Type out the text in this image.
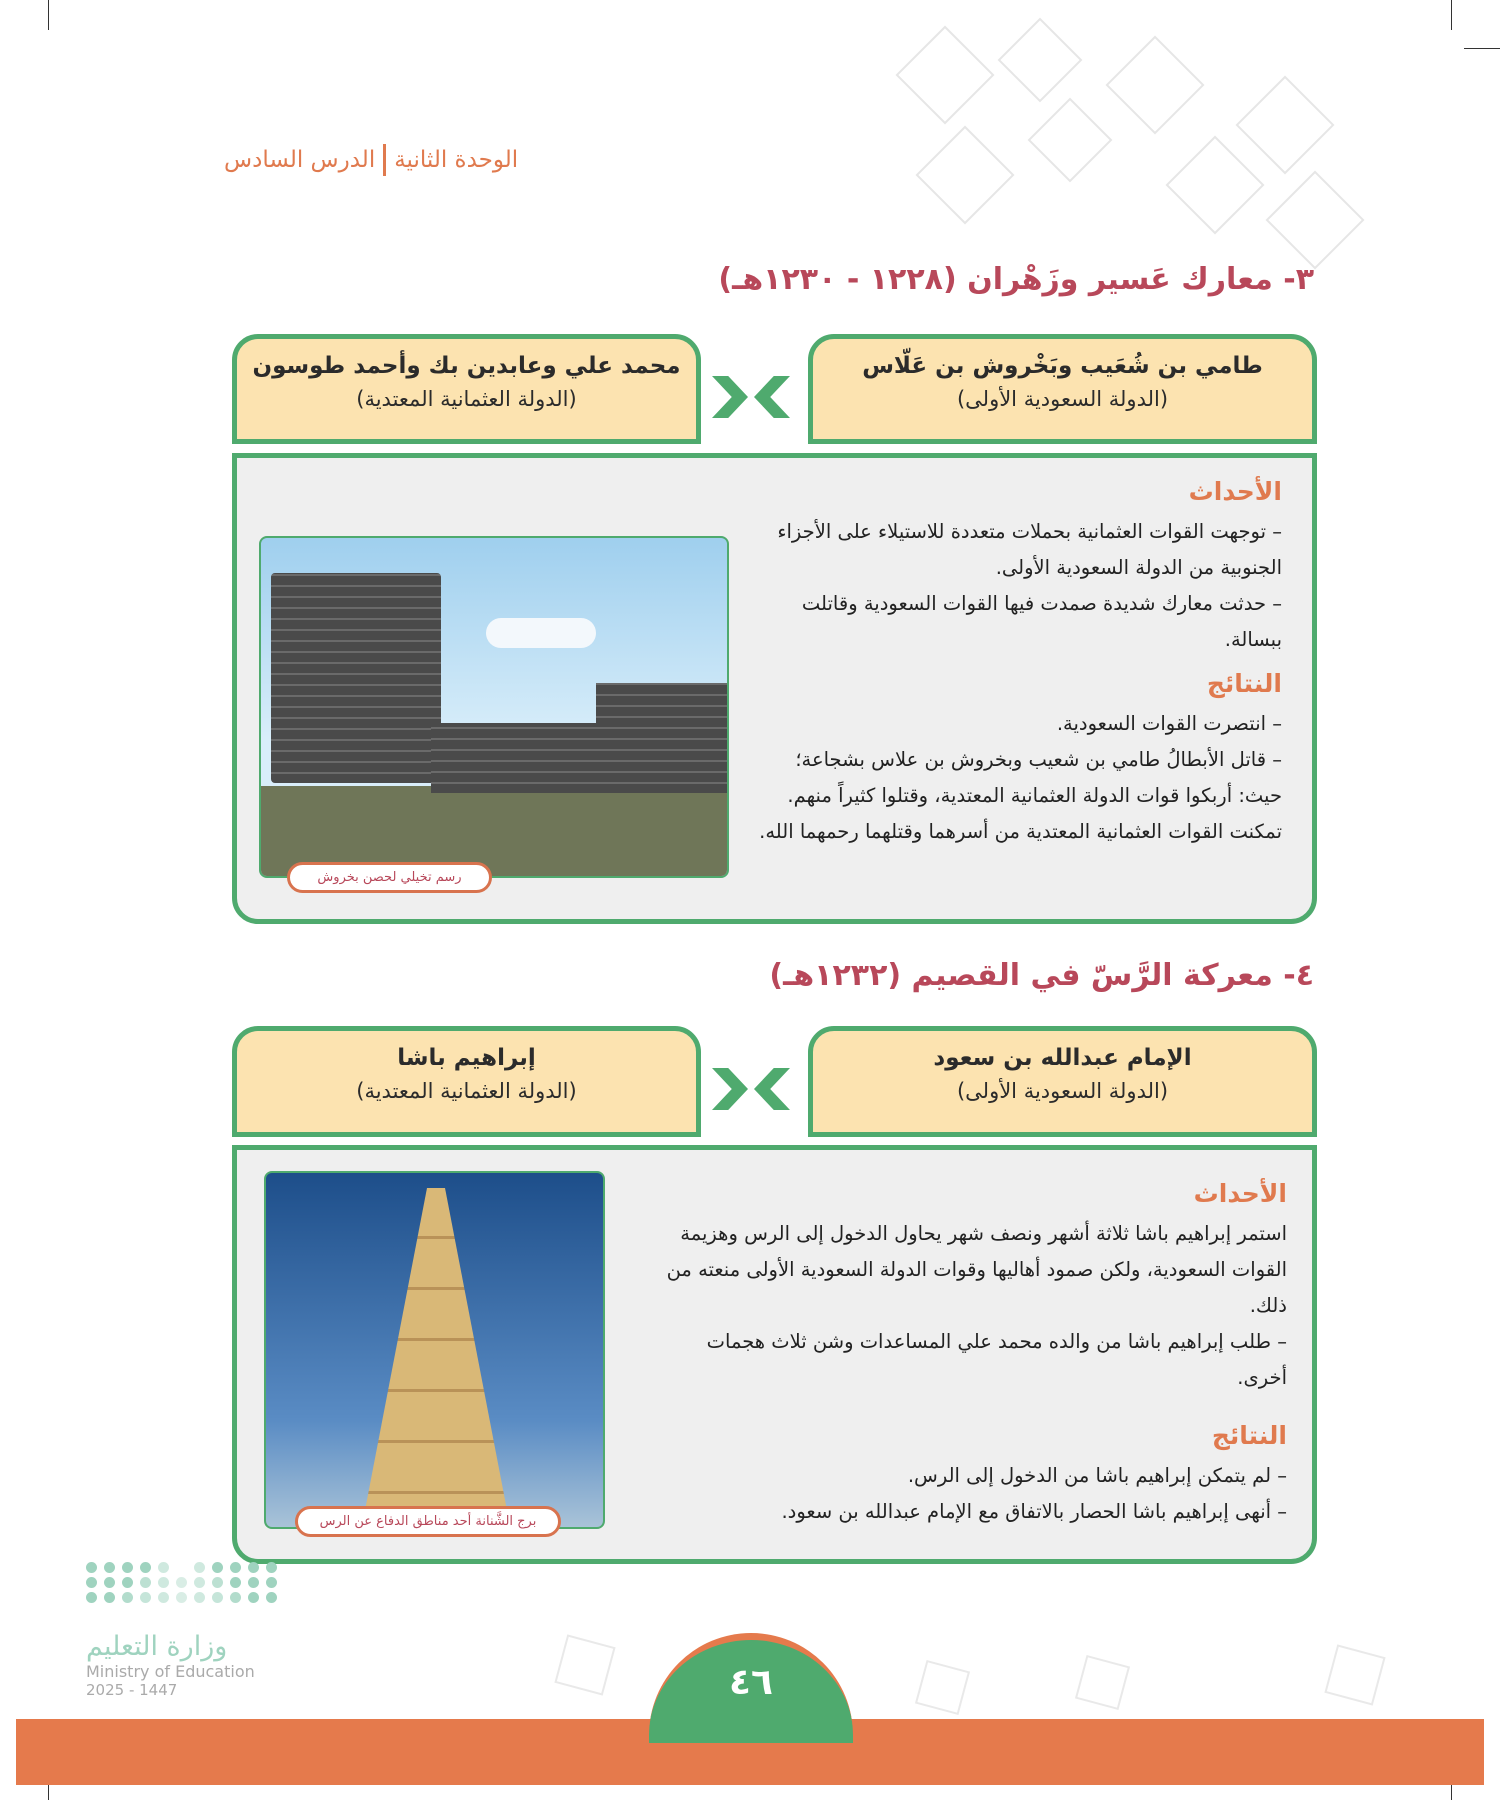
الوحدة الثانية
الدرس السادس
٣- معارك عَسير وزَهْران (١٢٢٨ - ١٢٣٠هـ)
طامي بن شُعَيب وبَخْروش بن عَلّاس
(الدولة السعودية الأولى)
محمد علي وعابدين بك وأحمد طوسون
(الدولة العثمانية المعتدية)
الأحداث
– توجهت القوات العثمانية بحملات متعددة للاستيلاء على الأجزاء الجنوبية من الدولة السعودية الأولى.
– حدثت معارك شديدة صمدت فيها القوات السعودية وقاتلت ببسالة.
النتائج
– انتصرت القوات السعودية.
– قاتل الأبطالُ طامي بن شعيب وبخروش بن علاس بشجاعة؛ حيث: أربكوا قوات الدولة العثمانية المعتدية، وقتلوا كثيراً منهم. تمكنت القوات العثمانية المعتدية من أسرهما وقتلهما رحمهما الله.
رسم تخيلي لحصن بخروش
٤- معركة الرَّسّ في القصيم (١٢٣٢هـ)
الإمام عبدالله بن سعود
(الدولة السعودية الأولى)
إبراهيم باشا
(الدولة العثمانية المعتدية)
الأحداث
استمر إبراهيم باشا ثلاثة أشهر ونصف شهر يحاول الدخول إلى الرس وهزيمة القوات السعودية، ولكن صمود أهاليها وقوات الدولة السعودية الأولى منعته من ذلك.
– طلب إبراهيم باشا من والده محمد علي المساعدات وشن ثلاث هجمات أخرى.
النتائج
– لم يتمكن إبراهيم باشا من الدخول إلى الرس.
– أنهى إبراهيم باشا الحصار بالاتفاق مع الإمام عبدالله بن سعود.
برج الشَّنانة أحد مناطق الدفاع عن الرس
وزارة التعليم
Ministry of Education
2025 - 1447	٤٦
